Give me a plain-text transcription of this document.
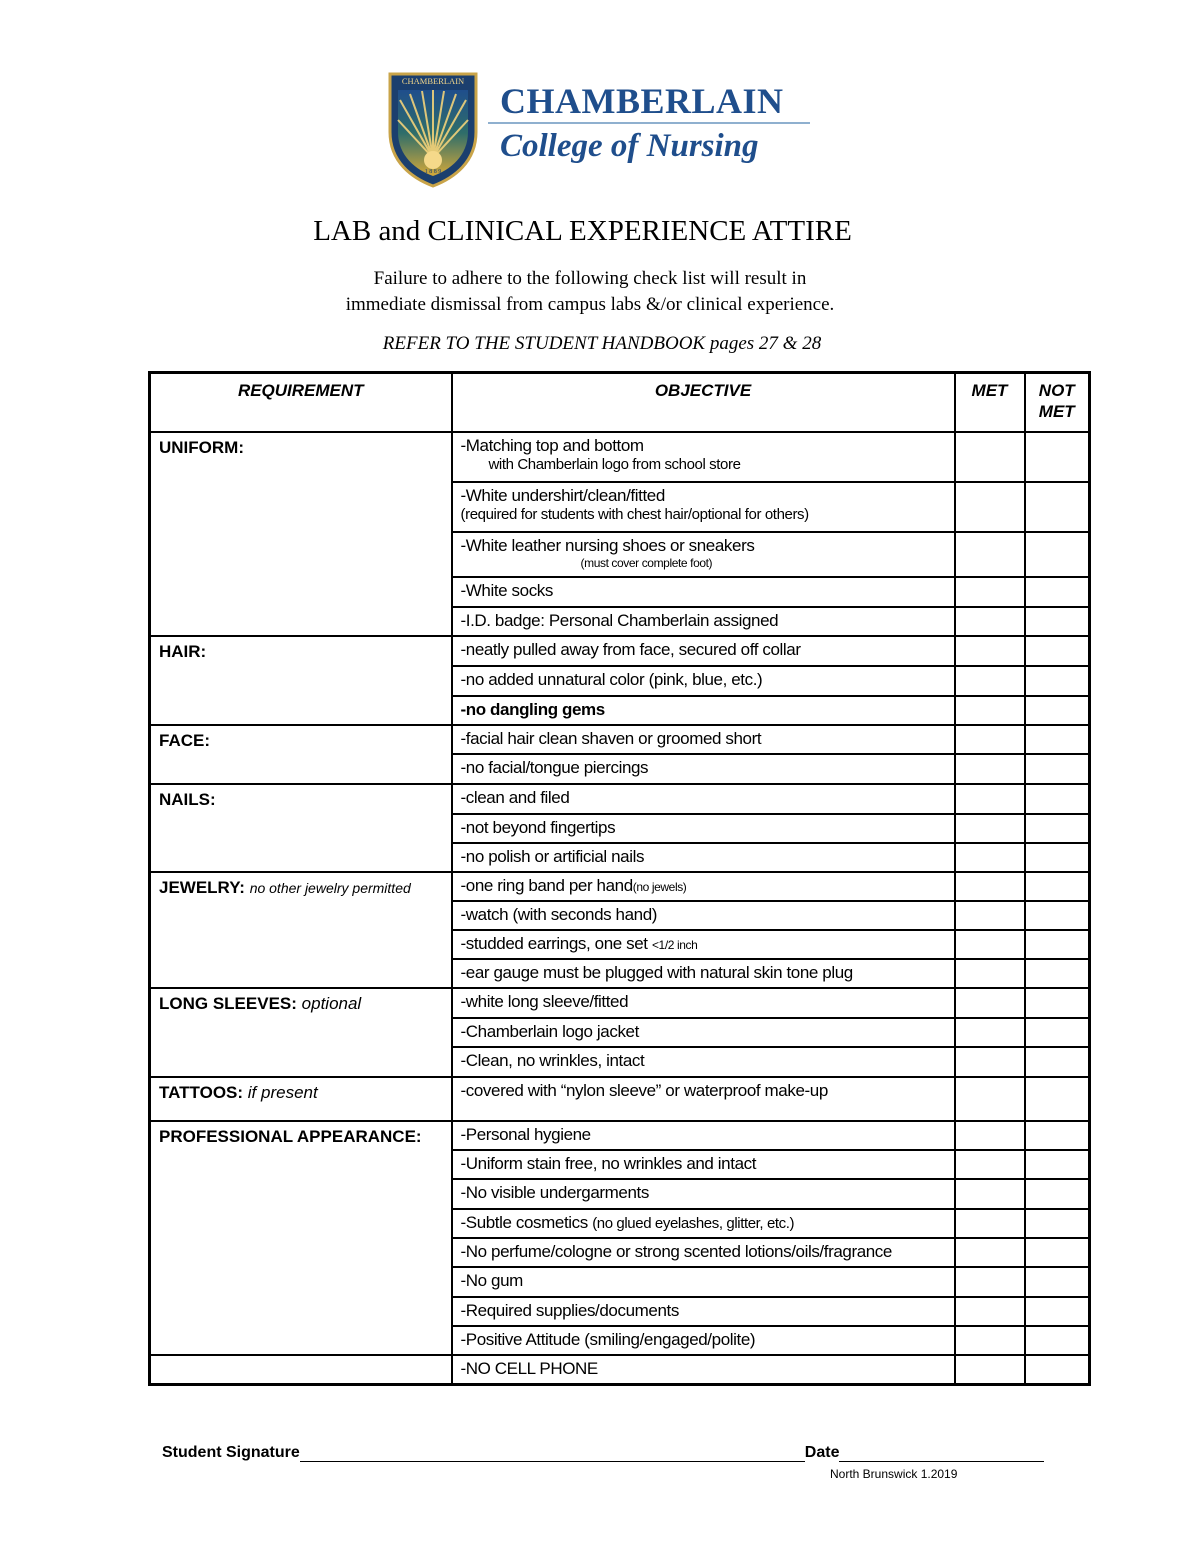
CHAMBERLAIN
1 8 8 9
CHAMBERLAIN
College of Nursing
LAB and CLINICAL EXPERIENCE ATTIRE
Failure to adhere to the following check list will result in
immediate dismissal from campus labs &/or clinical experience.
REFER TO THE STUDENT HANDBOOK pages 27 & 28
REQUIREMENT	OBJECTIVE	MET	NOT
MET
UNIFORM:	-Matching top and bottom
with Chamberlain logo from school store		

	-White undershirt/clean/fitted
(required for students with chest hair/optional for others)		

	-White leather nursing shoes or sneakers
(must cover complete foot)		

	-White socks		
	-I.D. badge: Personal Chamberlain assigned		
HAIR:	-neatly pulled away from face, secured off collar		
	-no added unnatural color (pink, blue, etc.)		
	-no dangling gems		
FACE:	-facial hair clean shaven or groomed short		
	-no facial/tongue piercings		
NAILS:	-clean and filed		
	-not beyond fingertips		
	-no polish or artificial nails		
JEWELRY: no other jewelry permitted	-one ring band per hand(no jewels)		
	-watch (with seconds hand)		
	-studded earrings, one set <1/2 inch		
	-ear gauge must be plugged with natural skin tone plug		
LONG SLEEVES: optional	-white long sleeve/fitted		
	-Chamberlain logo jacket		
	-Clean, no wrinkles, intact		
TATTOOS: if present	-covered with “nylon sleeve” or waterproof make-up		
PROFESSIONAL APPEARANCE:	-Personal hygiene		
	-Uniform stain free, no wrinkles and intact		
	-No visible undergarments		
	-Subtle cosmetics (no glued eyelashes, glitter, etc.)		
	-No perfume/cologne or strong scented lotions/oils/fragrance		
	-No gum		
	-Required supplies/documents		
	-Positive Attitude (smiling/engaged/polite)		
	-NO CELL PHONE		
Student Signature	Date
North Brunswick 1.2019
